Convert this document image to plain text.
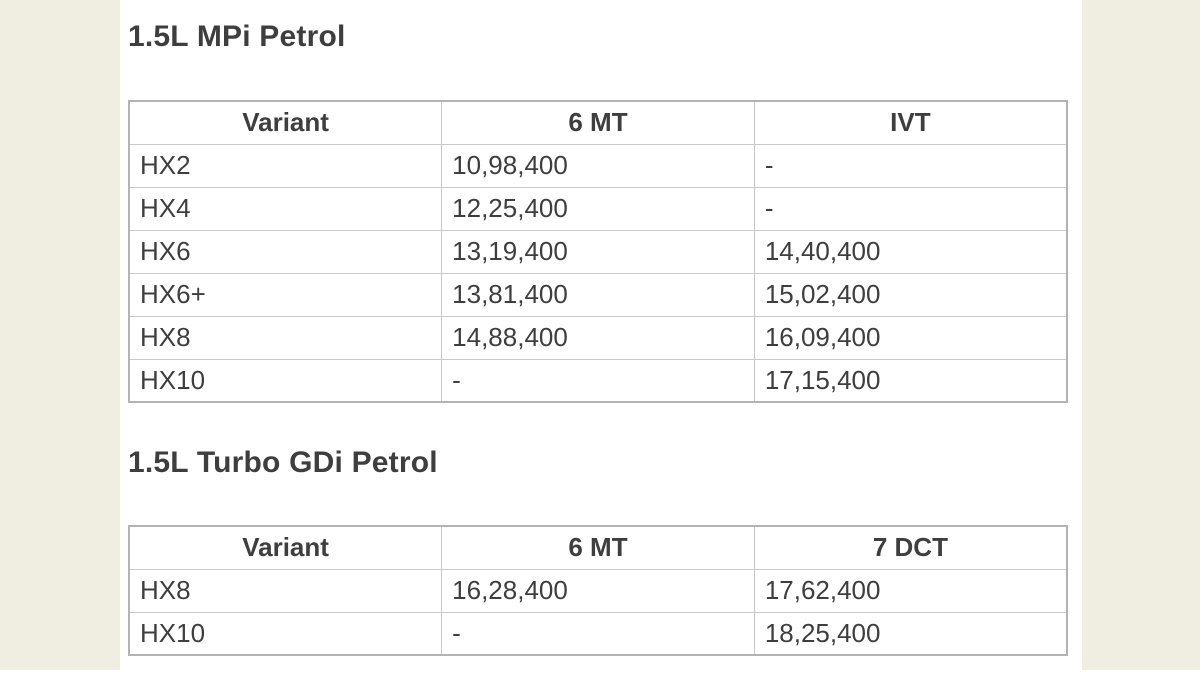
1.5L MPi Petrol
Variant	6 MT	IVT
HX2	10,98,400	-
HX4	12,25,400	-
HX6	13,19,400	14,40,400
HX6+	13,81,400	15,02,400
HX8	14,88,400	16,09,400
HX10	-	17,15,400
1.5L Turbo GDi Petrol
Variant	6 MT	7 DCT
HX8	16,28,400	17,62,400
HX10	-	18,25,400
